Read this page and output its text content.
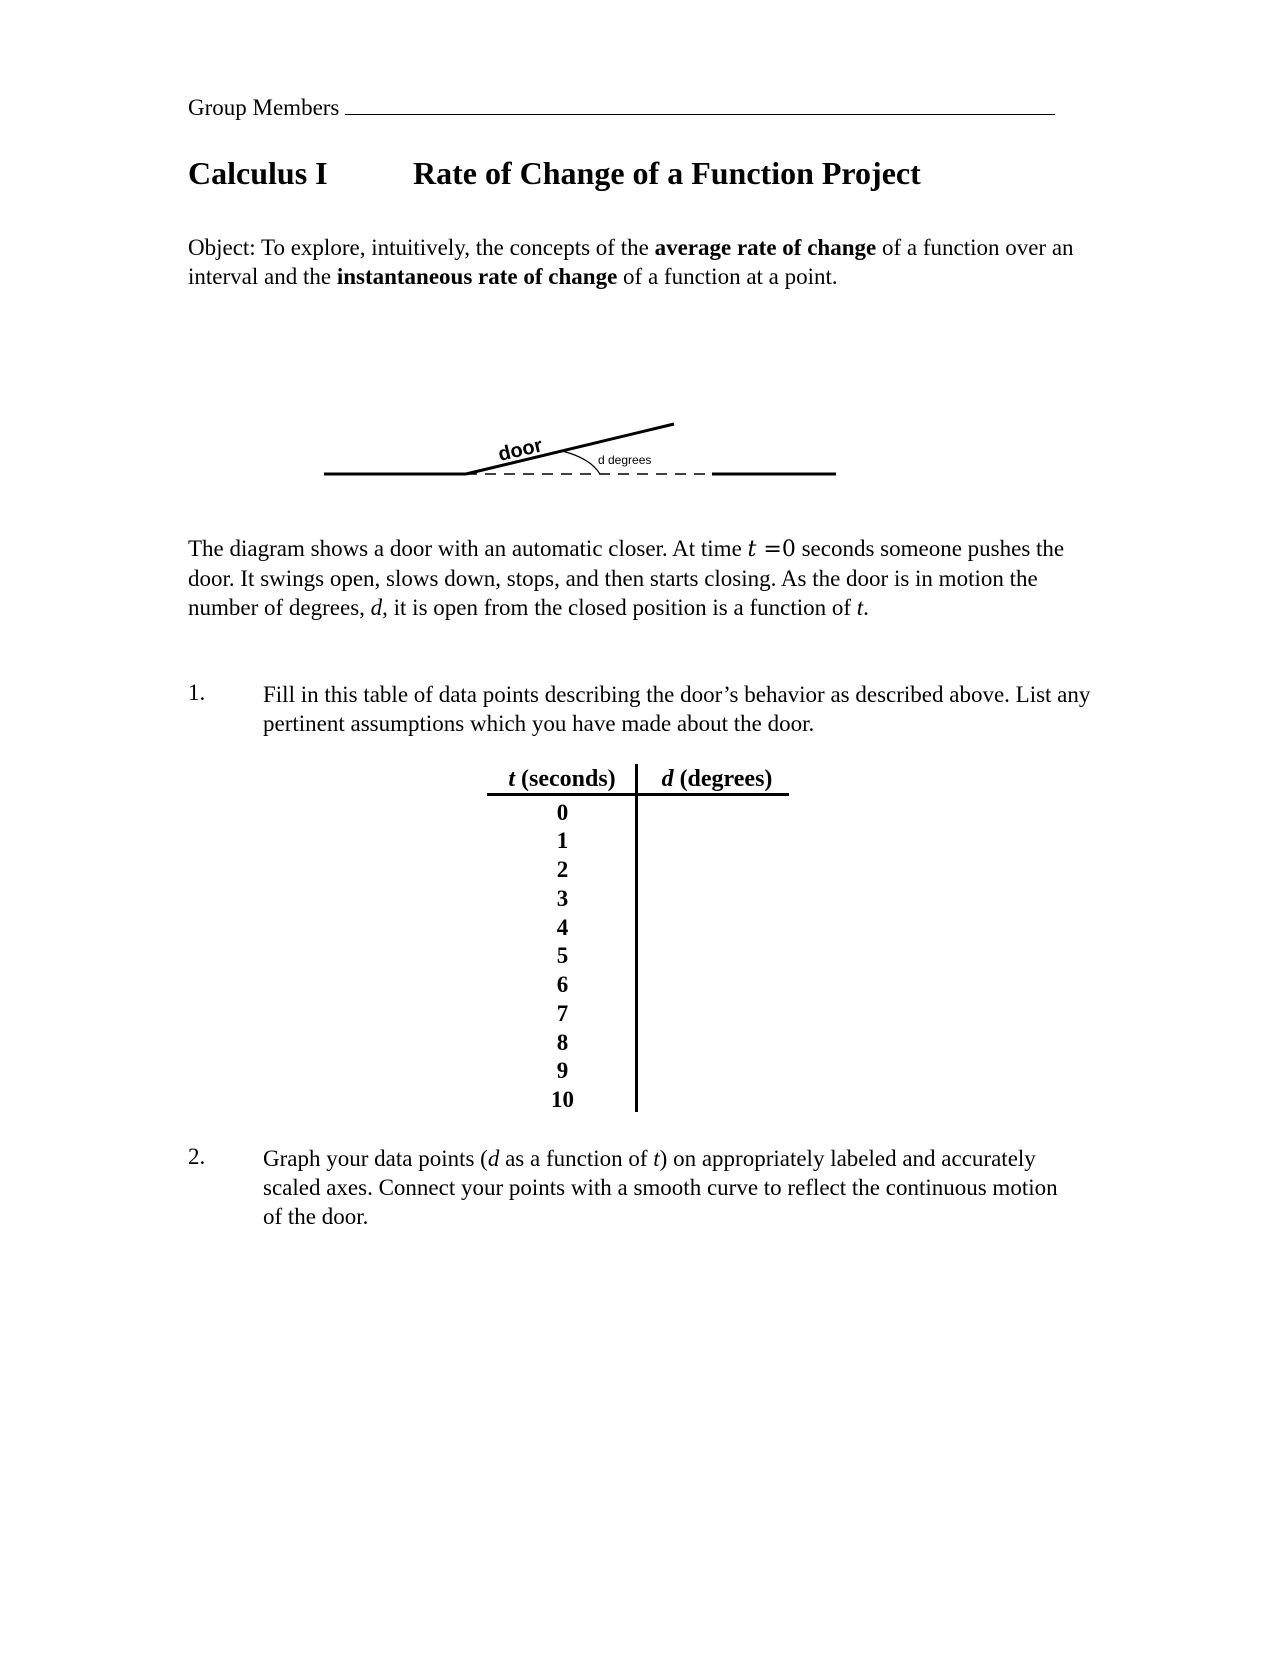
Group Members
Calculus I	Rate of Change of a Function Project
Object: To explore, intuitively, the concepts of the average rate of change of a function over an interval and the instantaneous rate of change of a function at a point.
door	d degrees
The diagram shows a door with an automatic closer. At time t =0 seconds someone pushes the door. It swings open, slows down, stops, and then starts closing. As the door is in motion the number of degrees, d, it is open from the closed position is a function of t.
1.	Fill in this table of data points describing the door’s behavior as described above. List any pertinent assumptions which you have made about the door.
t (seconds)	d (degrees)
0
1
2
3
4
5
6
7
8
9
10
2.	Graph your data points (d as a function of t) on appropriately labeled and accurately scaled axes. Connect your points with a smooth curve to reflect the continuous motion of the door.
